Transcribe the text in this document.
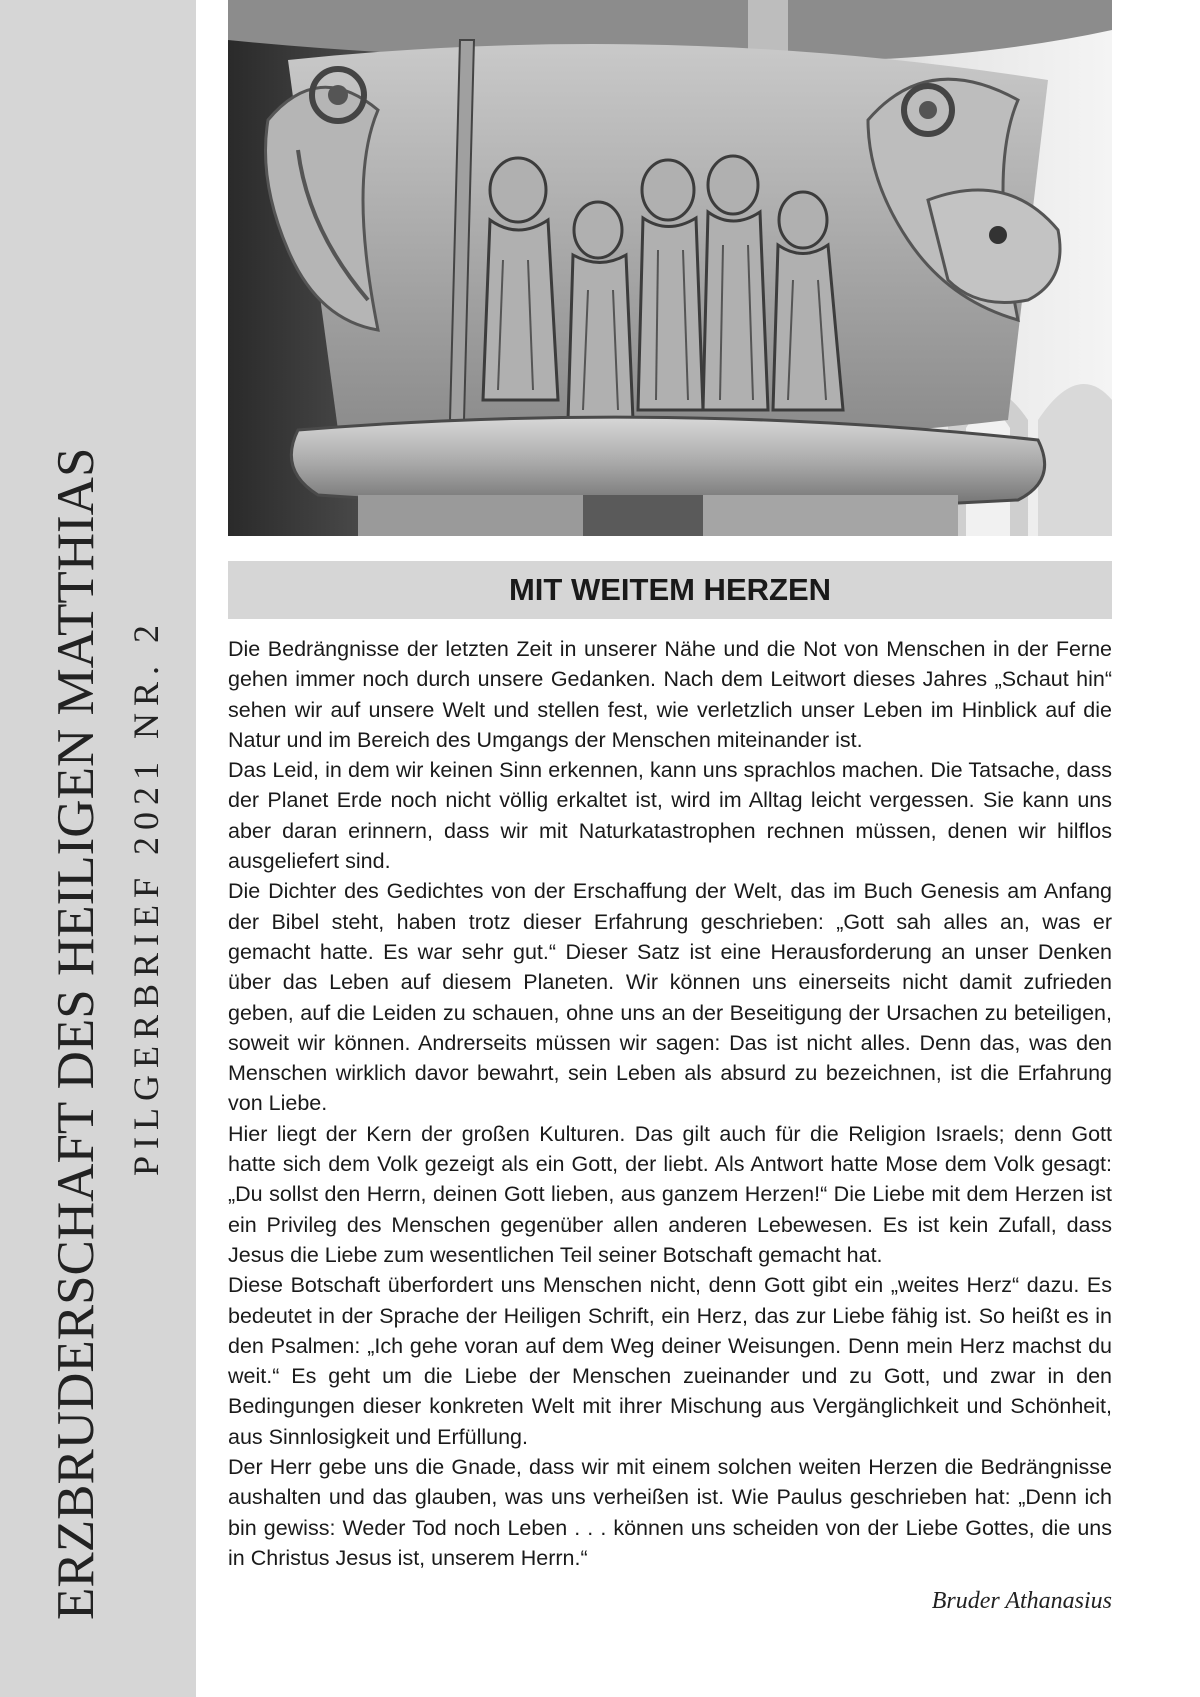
ERZBRUDERSCHAFT DES HEILIGEN MATTHIAS PILGERBRIEF 2021 NR. 2
MIT WEITEM HERZEN

Die Bedrängnisse der letzten Zeit in unserer Nähe und die Not von Menschen in der Ferne gehen immer noch durch unsere Gedanken. Nach dem Leitwort dieses Jahres „Schaut hin“ sehen wir auf unsere Welt und stellen fest, wie verletzlich unser Leben im Hinblick auf die Natur und im Bereich des Umgangs der Menschen miteinander ist.

Das Leid, in dem wir keinen Sinn erkennen, kann uns sprachlos machen. Die Tatsache, dass der Planet Erde noch nicht völlig erkaltet ist, wird im Alltag leicht vergessen. Sie kann uns aber daran erinnern, dass wir mit Naturkatastrophen rechnen müssen, denen wir hilflos ausgeliefert sind.

Die Dichter des Gedichtes von der Erschaffung der Welt, das im Buch Genesis am Anfang der Bibel steht, haben trotz dieser Erfahrung geschrieben: „Gott sah alles an, was er gemacht hatte. Es war sehr gut.“ Dieser Satz ist eine Herausforderung an unser Denken über das Leben auf diesem Planeten. Wir können uns einerseits nicht damit zufrieden geben, auf die Leiden zu schauen, ohne uns an der Beseitigung der Ursachen zu beteiligen, soweit wir können. Andrerseits müssen wir sagen: Das ist nicht alles. Denn das, was den Menschen wirklich davor bewahrt, sein Leben als absurd zu bezeichnen, ist die Erfahrung von Liebe.

Hier liegt der Kern der großen Kulturen. Das gilt auch für die Religion Israels; denn Gott hatte sich dem Volk gezeigt als ein Gott, der liebt. Als Antwort hatte Mose dem Volk gesagt: „Du sollst den Herrn, deinen Gott lieben, aus ganzem Herzen!“ Die Liebe mit dem Herzen ist ein Privileg des Menschen gegenüber allen anderen Lebewesen. Es ist kein Zufall, dass Jesus die Liebe zum wesentlichen Teil seiner Botschaft gemacht hat.

Diese Botschaft überfordert uns Menschen nicht, denn Gott gibt ein „weites Herz“ dazu. Es bedeutet in der Sprache der Heiligen Schrift, ein Herz, das zur Liebe fähig ist. So heißt es in den Psalmen: „Ich gehe voran auf dem Weg deiner Weisungen. Denn mein Herz machst du weit.“ Es geht um die Liebe der Menschen zueinander und zu Gott, und zwar in den Bedingungen dieser konkreten Welt mit ihrer Mischung aus Vergänglichkeit und Schönheit, aus Sinnlosigkeit und Erfüllung.

Der Herr gebe uns die Gnade, dass wir mit einem solchen weiten Herzen die Bedrängnisse aushalten und das glauben, was uns verheißen ist. Wie Paulus geschrieben hat: „Denn ich bin gewiss: Weder Tod noch Leben . . . können uns scheiden von der Liebe Gottes, die uns in Christus Jesus ist, unserem Herrn.“

Bruder Athanasius
